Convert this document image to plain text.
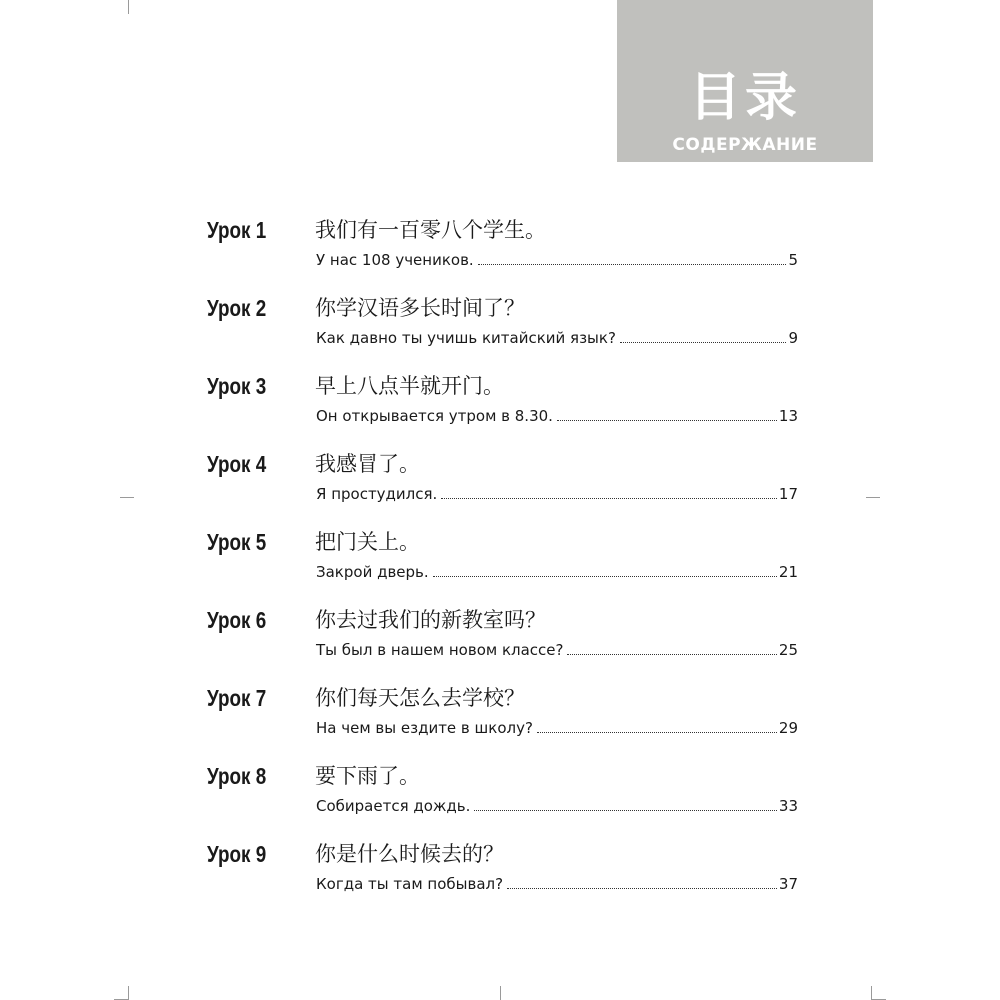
目录
СОДЕРЖАНИЕ
Урок 1 我们有一百零八个学生。
У нас 108 учеников.	5
Урок 2 你学汉语多长时间了？
Как давно ты учишь китайский язык?	9
Урок 3 早上八点半就开门。
Он открывается утром в 8.30.	13
Урок 4 我感冒了。
Я простудился.	17
Урок 5 把门关上。
Закрой дверь.	21
Урок 6 你去过我们的新教室吗？
Ты был в нашем новом классе?	25
Урок 7 你们每天怎么去学校？
На чем вы ездите в школу?	29
Урок 8 要下雨了。
Собирается дождь.	33
Урок 9 你是什么时候去的？
Когда ты там побывал?	37
